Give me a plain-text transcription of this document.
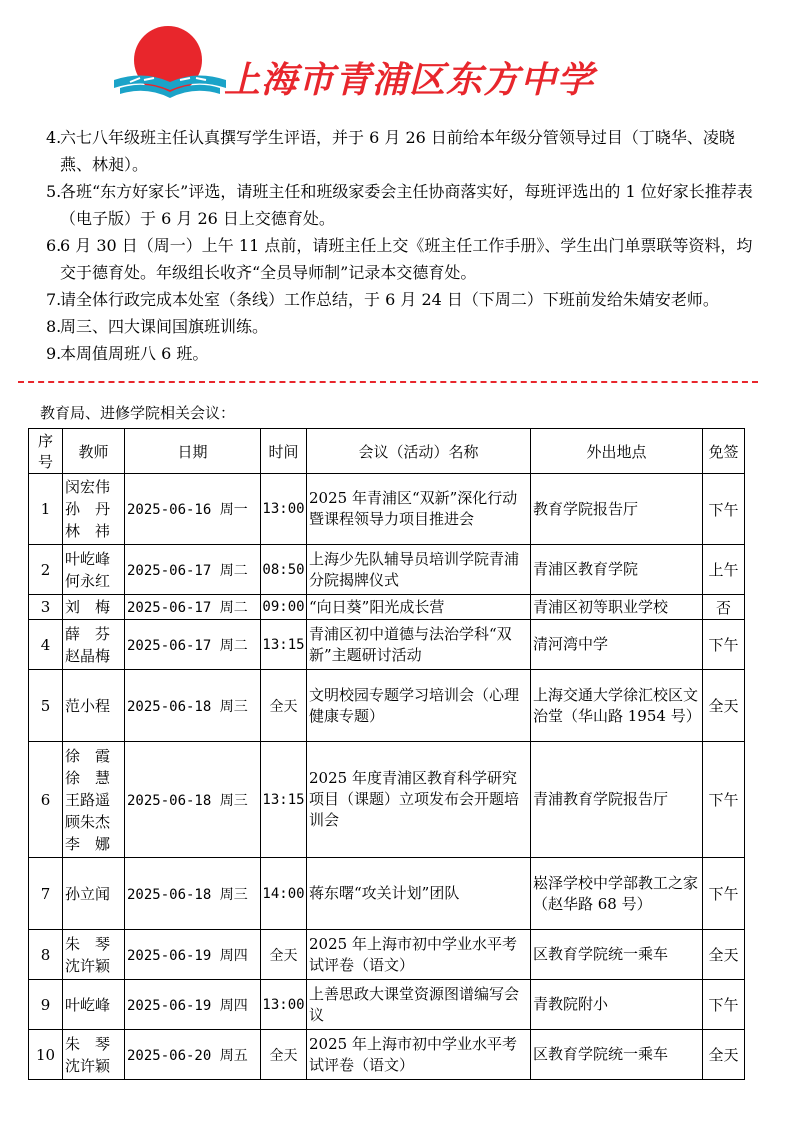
上海市青浦区东方中学
4.
六七八年级班主任认真撰写学生评语，并于 6 月 26 日前给本年级分管领导过目（丁晓华、凌晓燕、林昶）。
5.
各班“东方好家长”评选，请班主任和班级家委会主任协商落实好，每班评选出的 1 位好家长推荐表（电子版）于 6 月 26 日上交德育处。
6.
6 月 30 日（周一）上午 11 点前，请班主任上交《班主任工作手册》、学生出门单票联等资料，均交于德育处。年级组长收齐“全员导师制”记录本交德育处。
7.
请全体行政完成本处室（条线）工作总结，于 6 月 24 日（下周二）下班前发给朱婧安老师。
8.
周三、四大课间国旗班训练。
9.
本周值周班八 6 班。
教育局、进修学院相关会议：
序号	教师	日期	时间	会议（活动）名称	外出地点	免签
1	闵宏伟
孙　丹
林　祎	2025-06-16 周一	13:00	2025 年青浦区“双新”深化行动暨课程领导力项目推进会	教育学院报告厅	下午
2	叶屹峰
何永红	2025-06-17 周二	08:50	上海少先队辅导员培训学院青浦分院揭牌仪式	青浦区教育学院	上午
3	刘　梅	2025-06-17 周二	09:00	“向日葵”阳光成长营	青浦区初等职业学校	否
4	薛　芬
赵晶梅	2025-06-17 周二	13:15	青浦区初中道德与法治学科“双新”主题研讨活动	清河湾中学	下午
5	范小程	2025-06-18 周三	全天	文明校园专题学习培训会（心理健康专题）	上海交通大学徐汇校区文治堂（华山路 1954 号）	全天
6	徐　霞
徐　慧
王路遥
顾朱杰
李　娜	2025-06-18 周三	13:15	2025 年度青浦区教育科学研究项目（课题）立项发布会开题培训会	青浦教育学院报告厅	下午
7	孙立闻	2025-06-18 周三	14:00	蒋东曙“攻关计划”团队	崧泽学校中学部教工之家（赵华路 68 号）	下午
8	朱　琴
沈许颖	2025-06-19 周四	全天	2025 年上海市初中学业水平考试评卷（语文）	区教育学院统一乘车	全天
9	叶屹峰	2025-06-19 周四	13:00	上善思政大课堂资源图谱编写会议	青教院附小	下午
10	朱　琴
沈许颖	2025-06-20 周五	全天	2025 年上海市初中学业水平考试评卷（语文）	区教育学院统一乘车	全天
